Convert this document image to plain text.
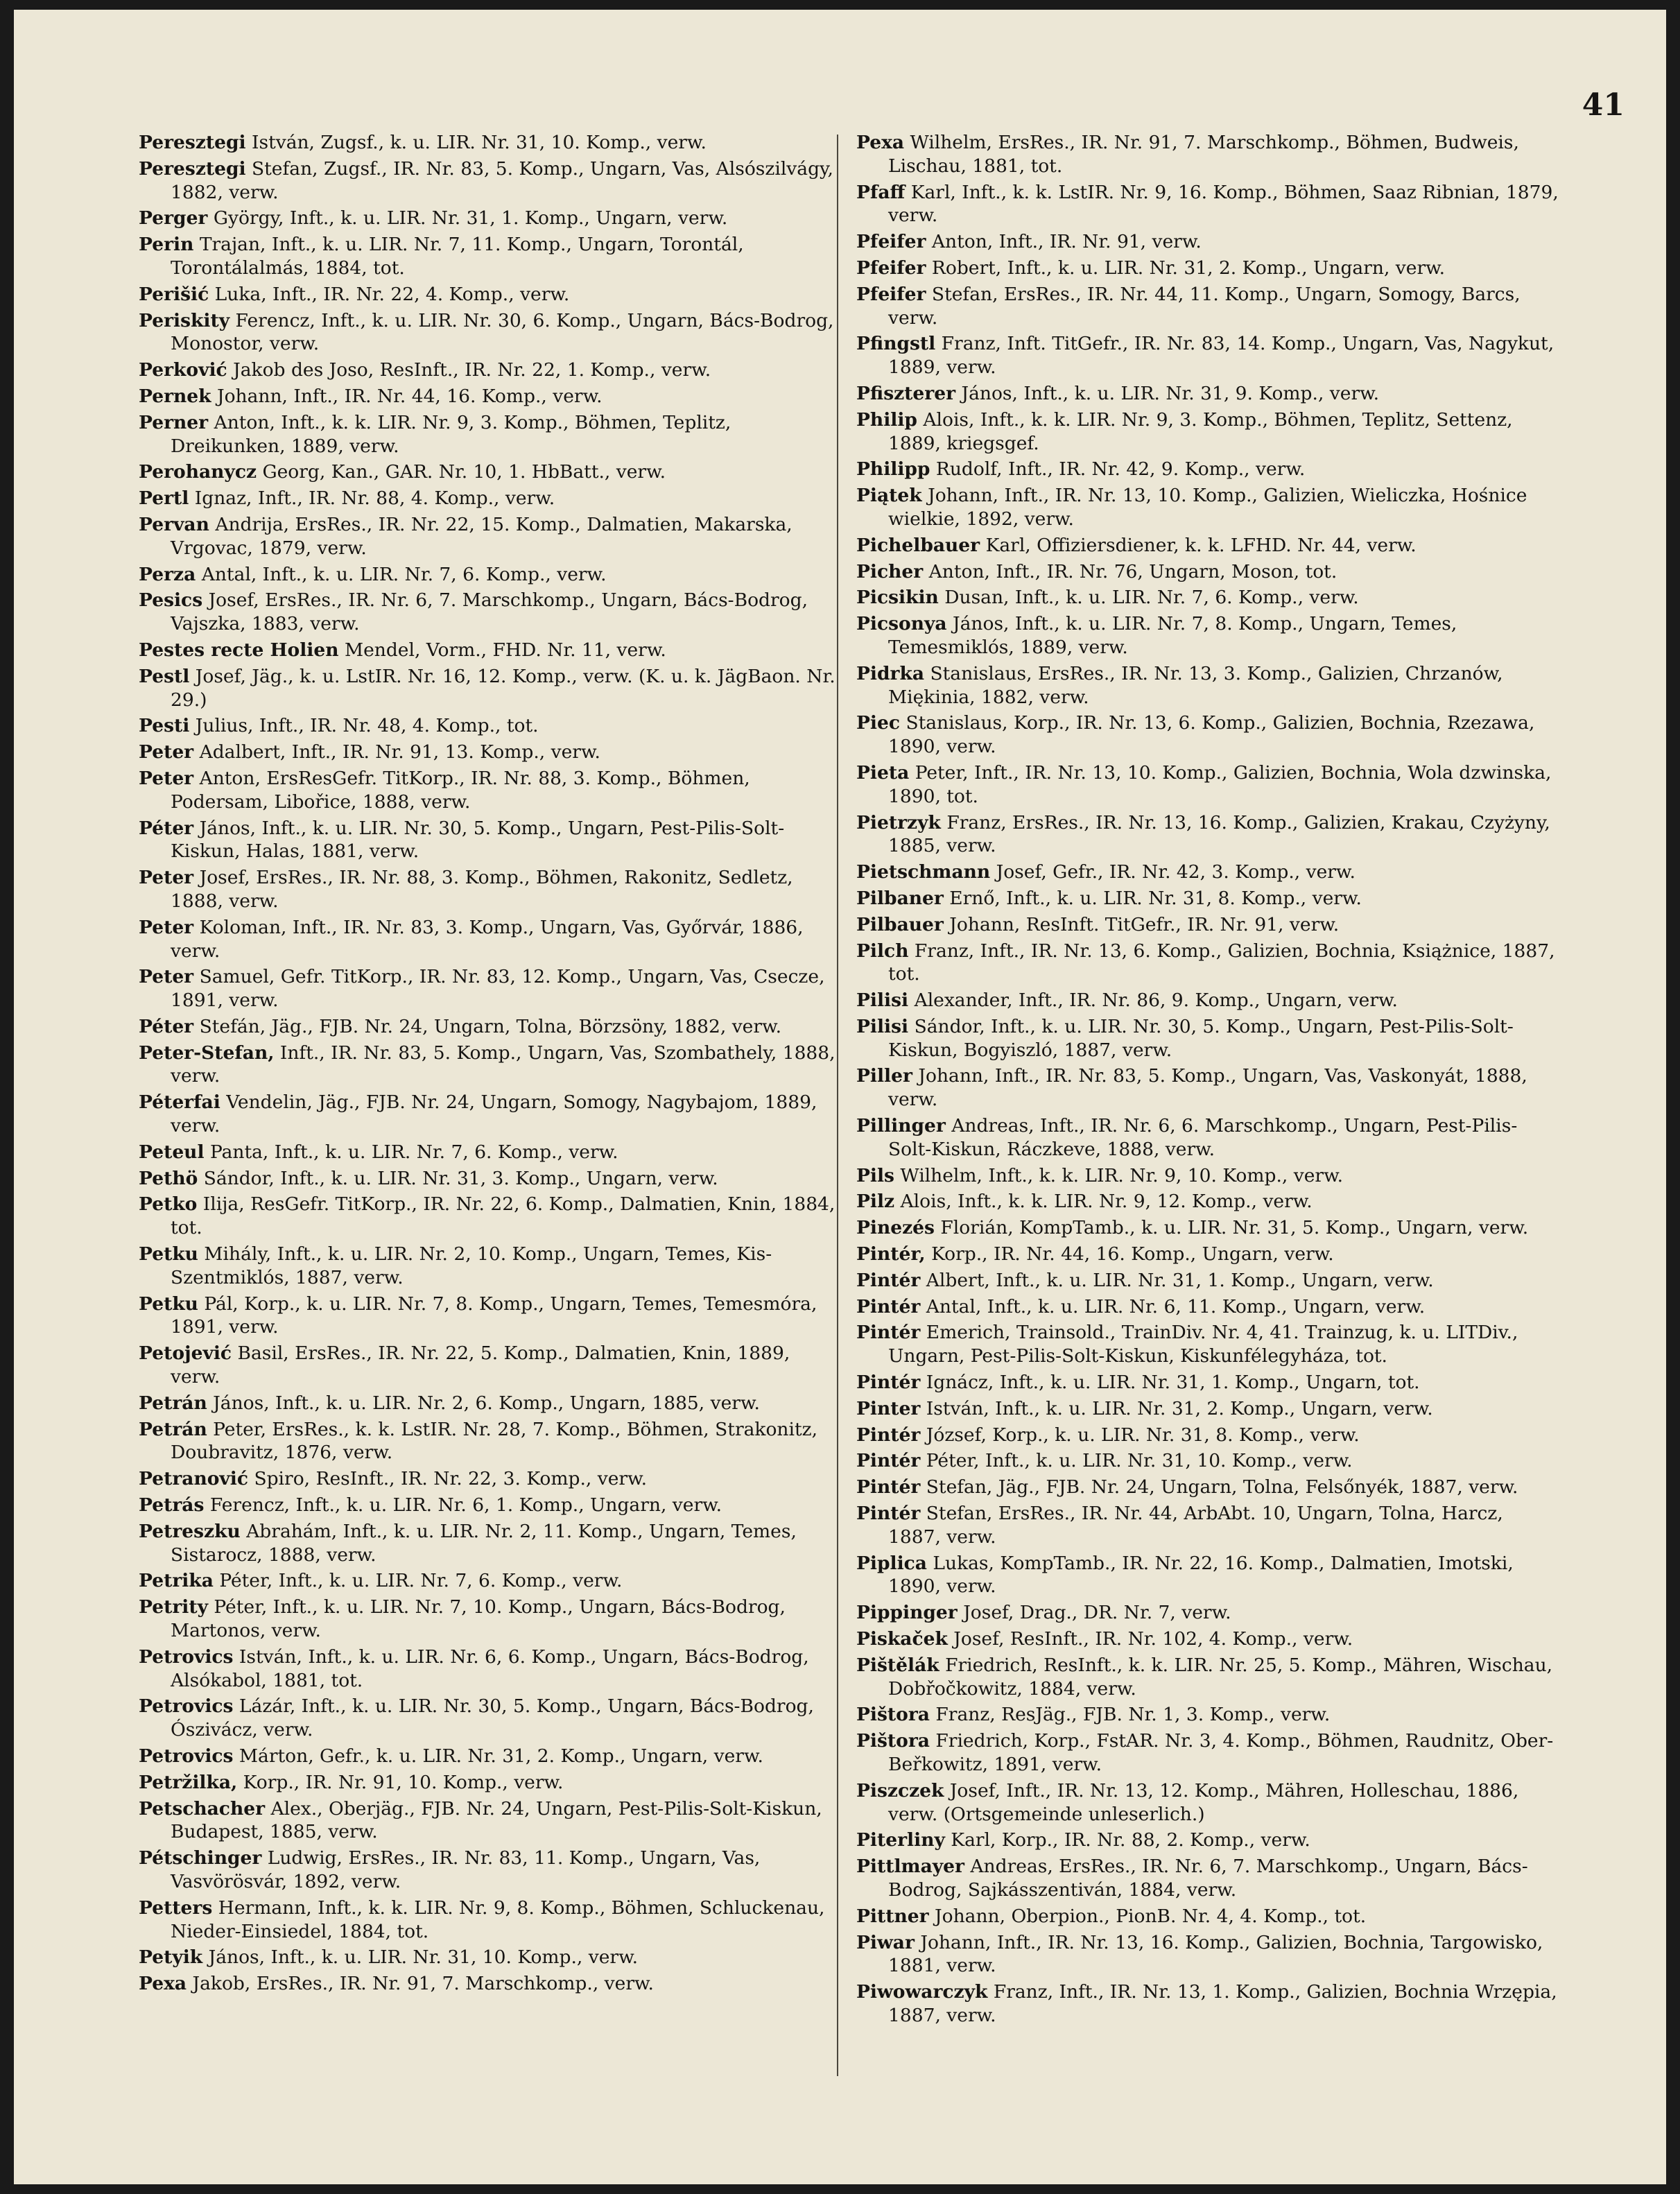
41

Peresztegi István, Zugsf., k. u. LIR. Nr. 31, 10. Komp., verw.

Peresztegi Stefan, Zugsf., IR. Nr. 83, 5. Komp., Ungarn, Vas, Alsószilvágy, 1882, verw.

Perger György, Inft., k. u. LIR. Nr. 31, 1. Komp., Ungarn, verw.

Perin Trajan, Inft., k. u. LIR. Nr. 7, 11. Komp., Ungarn, Torontál, Torontálalmás, 1884, tot.

Perišić Luka, Inft., IR. Nr. 22, 4. Komp., verw.

Periskity Ferencz, Inft., k. u. LIR. Nr. 30, 6. Komp., Ungarn, Bács-Bodrog, Monostor, verw.

Perković Jakob des Joso, ResInft., IR. Nr. 22, 1. Komp., verw.

Pernek Johann, Inft., IR. Nr. 44, 16. Komp., verw.

Perner Anton, Inft., k. k. LIR. Nr. 9, 3. Komp., Böhmen, Teplitz, Dreikunken, 1889, verw.

Perohanycz Georg, Kan., GAR. Nr. 10, 1. HbBatt., verw.

Pertl Ignaz, Inft., IR. Nr. 88, 4. Komp., verw.

Pervan Andrija, ErsRes., IR. Nr. 22, 15. Komp., Dalmatien, Makarska, Vrgovac, 1879, verw.

Perza Antal, Inft., k. u. LIR. Nr. 7, 6. Komp., verw.

Pesics Josef, ErsRes., IR. Nr. 6, 7. Marschkomp., Ungarn, Bács-Bodrog, Vajszka, 1883, verw.

Pestes recte Holien Mendel, Vorm., FHD. Nr. 11, verw.

Pestl Josef, Jäg., k. u. LstIR. Nr. 16, 12. Komp., verw. (K. u. k. JägBaon. Nr. 29.)

Pesti Julius, Inft., IR. Nr. 48, 4. Komp., tot.

Peter Adalbert, Inft., IR. Nr. 91, 13. Komp., verw.

Peter Anton, ErsResGefr. TitKorp., IR. Nr. 88, 3. Komp., Böhmen, Podersam, Libořice, 1888, verw.

Péter János, Inft., k. u. LIR. Nr. 30, 5. Komp., Ungarn, Pest-Pilis-Solt-Kiskun, Halas, 1881, verw.

Peter Josef, ErsRes., IR. Nr. 88, 3. Komp., Böhmen, Rakonitz, Sedletz, 1888, verw.

Peter Koloman, Inft., IR. Nr. 83, 3. Komp., Ungarn, Vas, Győrvár, 1886, verw.

Peter Samuel, Gefr. TitKorp., IR. Nr. 83, 12. Komp., Ungarn, Vas, Csecze, 1891, verw.

Péter Stefán, Jäg., FJB. Nr. 24, Ungarn, Tolna, Börzsöny, 1882, verw.

Peter-Stefan, Inft., IR. Nr. 83, 5. Komp., Ungarn, Vas, Szombathely, 1888, verw.

Péterfai Vendelin, Jäg., FJB. Nr. 24, Ungarn, Somogy, Nagybajom, 1889, verw.

Peteul Panta, Inft., k. u. LIR. Nr. 7, 6. Komp., verw.

Pethö Sándor, Inft., k. u. LIR. Nr. 31, 3. Komp., Ungarn, verw.

Petko Ilija, ResGefr. TitKorp., IR. Nr. 22, 6. Komp., Dalmatien, Knin, 1884, tot.

Petku Mihály, Inft., k. u. LIR. Nr. 2, 10. Komp., Ungarn, Temes, Kis-Szentmiklós, 1887, verw.

Petku Pál, Korp., k. u. LIR. Nr. 7, 8. Komp., Ungarn, Temes, Temesmóra, 1891, verw.

Petojević Basil, ErsRes., IR. Nr. 22, 5. Komp., Dalmatien, Knin, 1889, verw.

Petrán János, Inft., k. u. LIR. Nr. 2, 6. Komp., Ungarn, 1885, verw.

Petrán Peter, ErsRes., k. k. LstIR. Nr. 28, 7. Komp., Böhmen, Strakonitz, Doubravitz, 1876, verw.

Petranović Spiro, ResInft., IR. Nr. 22, 3. Komp., verw.

Petrás Ferencz, Inft., k. u. LIR. Nr. 6, 1. Komp., Ungarn, verw.

Petreszku Abrahám, Inft., k. u. LIR. Nr. 2, 11. Komp., Ungarn, Temes, Sistarocz, 1888, verw.

Petrika Péter, Inft., k. u. LIR. Nr. 7, 6. Komp., verw.

Petrity Péter, Inft., k. u. LIR. Nr. 7, 10. Komp., Ungarn, Bács-Bodrog, Martonos, verw.

Petrovics István, Inft., k. u. LIR. Nr. 6, 6. Komp., Ungarn, Bács-Bodrog, Alsókabol, 1881, tot.

Petrovics Lázár, Inft., k. u. LIR. Nr. 30, 5. Komp., Ungarn, Bács-Bodrog, Ószivácz, verw.

Petrovics Márton, Gefr., k. u. LIR. Nr. 31, 2. Komp., Ungarn, verw.

Petržilka, Korp., IR. Nr. 91, 10. Komp., verw.

Petschacher Alex., Oberjäg., FJB. Nr. 24, Ungarn, Pest-Pilis-Solt-Kiskun, Budapest, 1885, verw.

Pétschinger Ludwig, ErsRes., IR. Nr. 83, 11. Komp., Ungarn, Vas, Vasvörösvár, 1892, verw.

Petters Hermann, Inft., k. k. LIR. Nr. 9, 8. Komp., Böhmen, Schluckenau, Nieder-Einsiedel, 1884, tot.

Petyik János, Inft., k. u. LIR. Nr. 31, 10. Komp., verw.

Pexa Jakob, ErsRes., IR. Nr. 91, 7. Marschkomp., verw.

Pexa Wilhelm, ErsRes., IR. Nr. 91, 7. Marschkomp., Böhmen, Budweis, Lischau, 1881, tot.

Pfaff Karl, Inft., k. k. LstIR. Nr. 9, 16. Komp., Böhmen, Saaz Ribnian, 1879, verw.

Pfeifer Anton, Inft., IR. Nr. 91, verw.

Pfeifer Robert, Inft., k. u. LIR. Nr. 31, 2. Komp., Ungarn, verw.

Pfeifer Stefan, ErsRes., IR. Nr. 44, 11. Komp., Ungarn, Somogy, Barcs, verw.

Pfingstl Franz, Inft. TitGefr., IR. Nr. 83, 14. Komp., Ungarn, Vas, Nagykut, 1889, verw.

Pfiszterer János, Inft., k. u. LIR. Nr. 31, 9. Komp., verw.

Philip Alois, Inft., k. k. LIR. Nr. 9, 3. Komp., Böhmen, Teplitz, Settenz, 1889, kriegsgef.

Philipp Rudolf, Inft., IR. Nr. 42, 9. Komp., verw.

Piątek Johann, Inft., IR. Nr. 13, 10. Komp., Galizien, Wieliczka, Hośnice wielkie, 1892, verw.

Pichelbauer Karl, Offiziersdiener, k. k. LFHD. Nr. 44, verw.

Picher Anton, Inft., IR. Nr. 76, Ungarn, Moson, tot.

Picsikin Dusan, Inft., k. u. LIR. Nr. 7, 6. Komp., verw.

Picsonya János, Inft., k. u. LIR. Nr. 7, 8. Komp., Ungarn, Temes, Temesmiklós, 1889, verw.

Pidrka Stanislaus, ErsRes., IR. Nr. 13, 3. Komp., Galizien, Chrzanów, Miękinia, 1882, verw.

Piec Stanislaus, Korp., IR. Nr. 13, 6. Komp., Galizien, Bochnia, Rzezawa, 1890, verw.

Pieta Peter, Inft., IR. Nr. 13, 10. Komp., Galizien, Bochnia, Wola dzwinska, 1890, tot.

Pietrzyk Franz, ErsRes., IR. Nr. 13, 16. Komp., Galizien, Krakau, Czyżyny, 1885, verw.

Pietschmann Josef, Gefr., IR. Nr. 42, 3. Komp., verw.

Pilbaner Ernő, Inft., k. u. LIR. Nr. 31, 8. Komp., verw.

Pilbauer Johann, ResInft. TitGefr., IR. Nr. 91, verw.

Pilch Franz, Inft., IR. Nr. 13, 6. Komp., Galizien, Bochnia, Książnice, 1887, tot.

Pilisi Alexander, Inft., IR. Nr. 86, 9. Komp., Ungarn, verw.

Pilisi Sándor, Inft., k. u. LIR. Nr. 30, 5. Komp., Ungarn, Pest-Pilis-Solt-Kiskun, Bogyiszló, 1887, verw.

Piller Johann, Inft., IR. Nr. 83, 5. Komp., Ungarn, Vas, Vaskonyát, 1888, verw.

Pillinger Andreas, Inft., IR. Nr. 6, 6. Marschkomp., Ungarn, Pest-Pilis-Solt-Kiskun, Ráczkeve, 1888, verw.

Pils Wilhelm, Inft., k. k. LIR. Nr. 9, 10. Komp., verw.

Pilz Alois, Inft., k. k. LIR. Nr. 9, 12. Komp., verw.

Pinezés Florián, KompTamb., k. u. LIR. Nr. 31, 5. Komp., Ungarn, verw.

Pintér, Korp., IR. Nr. 44, 16. Komp., Ungarn, verw.

Pintér Albert, Inft., k. u. LIR. Nr. 31, 1. Komp., Ungarn, verw.

Pintér Antal, Inft., k. u. LIR. Nr. 6, 11. Komp., Ungarn, verw.

Pintér Emerich, Trainsold., TrainDiv. Nr. 4, 41. Trainzug, k. u. LITDiv., Ungarn, Pest-Pilis-Solt-Kiskun, Kiskunfélegyháza, tot.

Pintér Ignácz, Inft., k. u. LIR. Nr. 31, 1. Komp., Ungarn, tot.

Pinter István, Inft., k. u. LIR. Nr. 31, 2. Komp., Ungarn, verw.

Pintér József, Korp., k. u. LIR. Nr. 31, 8. Komp., verw.

Pintér Péter, Inft., k. u. LIR. Nr. 31, 10. Komp., verw.

Pintér Stefan, Jäg., FJB. Nr. 24, Ungarn, Tolna, Felsőnyék, 1887, verw.

Pintér Stefan, ErsRes., IR. Nr. 44, ArbAbt. 10, Ungarn, Tolna, Harcz, 1887, verw.

Piplica Lukas, KompTamb., IR. Nr. 22, 16. Komp., Dalmatien, Imotski, 1890, verw.

Pippinger Josef, Drag., DR. Nr. 7, verw.

Piskaček Josef, ResInft., IR. Nr. 102, 4. Komp., verw.

Pištělák Friedrich, ResInft., k. k. LIR. Nr. 25, 5. Komp., Mähren, Wischau, Dobřočkowitz, 1884, verw.

Pištora Franz, ResJäg., FJB. Nr. 1, 3. Komp., verw.

Pištora Friedrich, Korp., FstAR. Nr. 3, 4. Komp., Böhmen, Raudnitz, Ober-Beřkowitz, 1891, verw.

Piszczek Josef, Inft., IR. Nr. 13, 12. Komp., Mähren, Holleschau, 1886, verw. (Ortsgemeinde unleserlich.)

Piterliny Karl, Korp., IR. Nr. 88, 2. Komp., verw.

Pittlmayer Andreas, ErsRes., IR. Nr. 6, 7. Marschkomp., Ungarn, Bács-Bodrog, Sajkásszentiván, 1884, verw.

Pittner Johann, Oberpion., PionB. Nr. 4, 4. Komp., tot.

Piwar Johann, Inft., IR. Nr. 13, 16. Komp., Galizien, Bochnia, Targowisko, 1881, verw.

Piwowarczyk Franz, Inft., IR. Nr. 13, 1. Komp., Galizien, Bochnia Wrzępia, 1887, verw.
